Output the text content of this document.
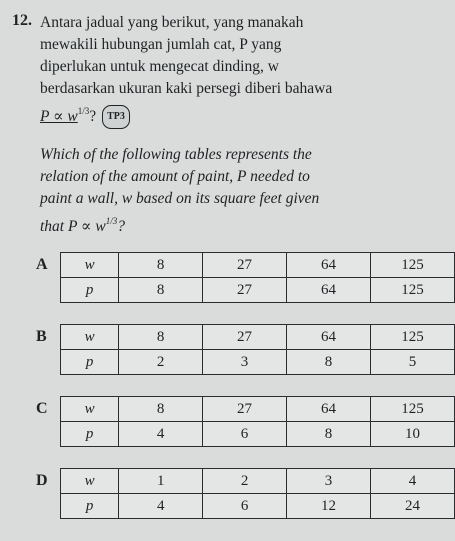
12. Antara jadual yang berikut, yang manakah
mewakili hubungan jumlah cat, P yang
diperlukan untuk mengecat dinding, w
berdasarkan ukuran kaki persegi diberi bahawa
$P \propto w^{1/3}$? TP3
Which of the following tables represents the
relation of the amount of paint, P needed to
paint a wall, w based on its square feet given
that $P \propto w^{1/3}$?
A w	8	27	64	125
p	8	27	64	125
B	w	8	27	64	125
p	2	3	8	5
C w	8	27	64	125
p	4	6	8	10
D w	1	2	3	4
p	4	6	12	24
